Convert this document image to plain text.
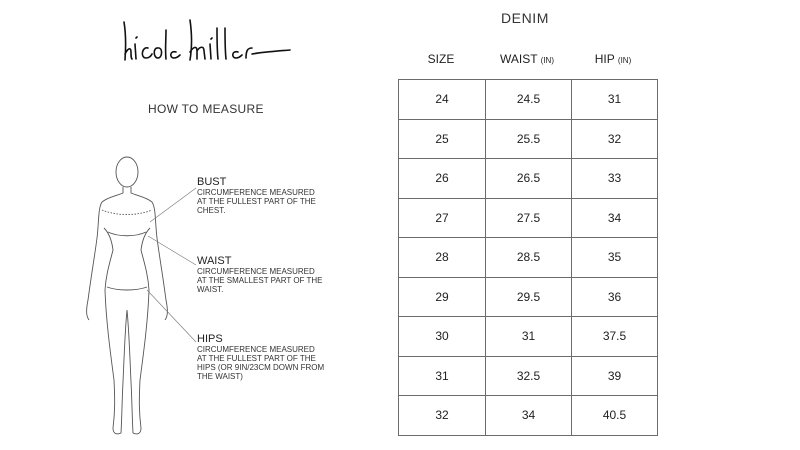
HOW TO MEASURE
BUST
CIRCUMFERENCE MEASURED
AT THE FULLEST PART OF THE
CHEST.
WAIST
CIRCUMFERENCE MEASURED
AT THE SMALLEST PART OF THE
WAIST.
HIPS
CIRCUMFERENCE MEASURED
AT THE FULLEST PART OF THE
HIPS (OR 9IN/23CM DOWN FROM
THE WAIST)
DENIM
SIZE	WAIST (IN)	HIP (IN)
24	24.5	31
25	25.5	32
26	26.5	33
27	27.5	34
28	28.5	35
29	29.5	36
30	31	37.5
31	32.5	39
32	34	40.5
